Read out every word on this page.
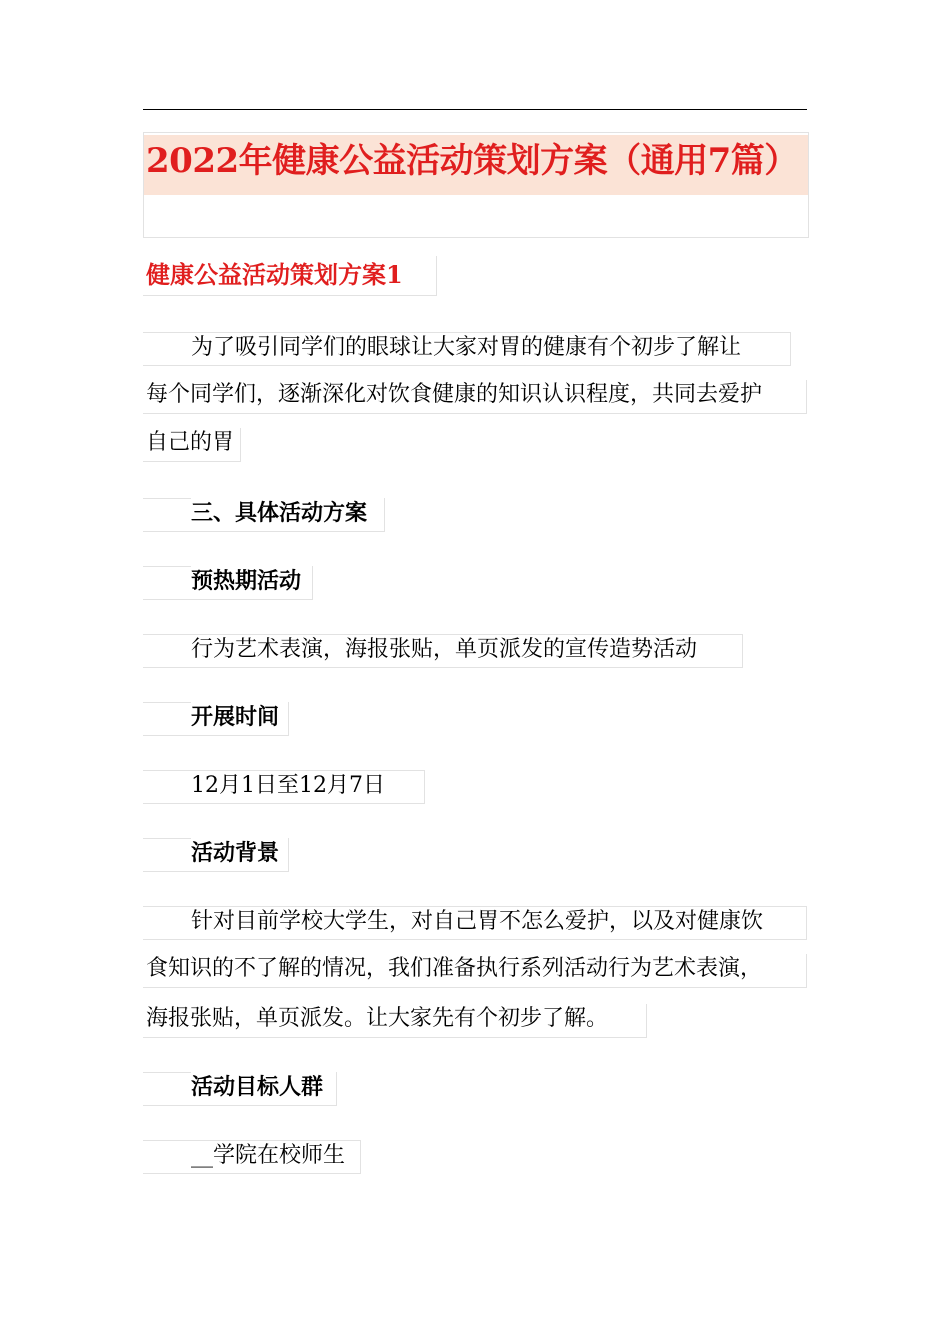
2022年健康公益活动策划方案（通用7篇）
健康公益活动策划方案1

为了吸引同学们的眼球让大家对胃的健康有个初步了解让

每个同学们，逐渐深化对饮食健康的知识认识程度，共同去爱护

自己的胃

三、具体活动方案
预热期活动

行为艺术表演，海报张贴，单页派发的宣传造势活动

开展时间

12月1日至12月7日

活动背景

针对目前学校大学生，对自己胃不怎么爱护，以及对健康饮

食知识的不了解的情况，我们准备执行系列活动行为艺术表演，

海报张贴，单页派发。让大家先有个初步了解。

活动目标人群

__学院在校师生
